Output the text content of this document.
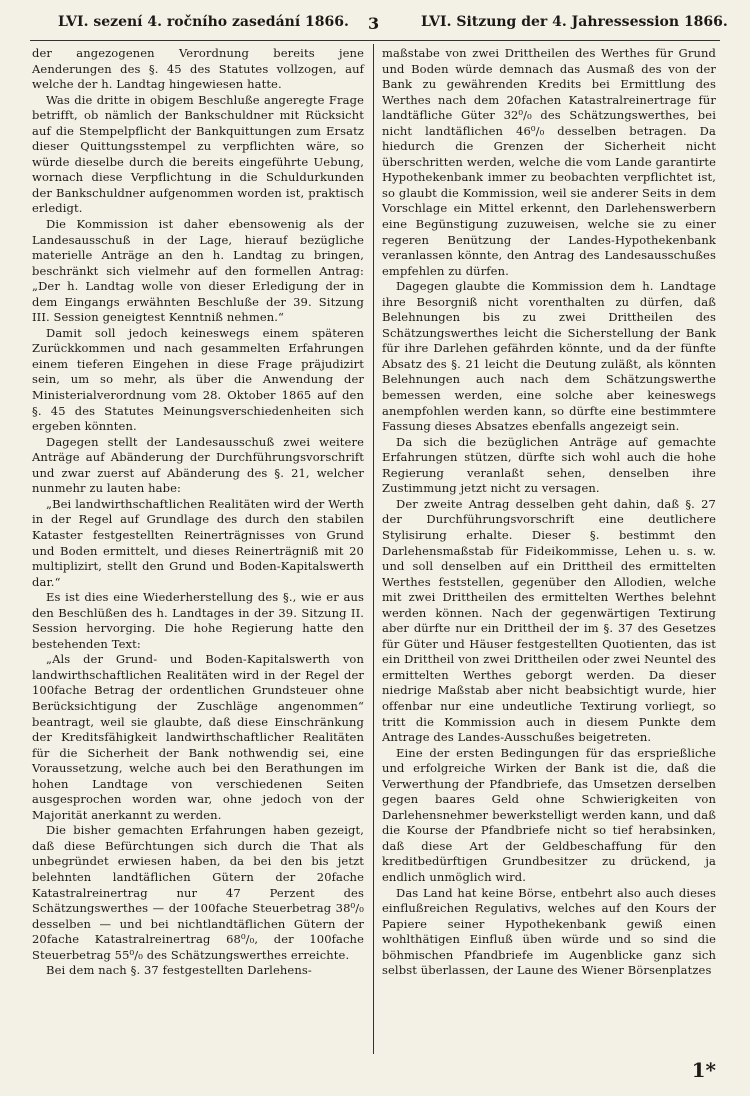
LVI. sezení 4. ročního zasedání 1866. 3	LVI. Sitzung der 4. Jahressession 1866.

der angezogenen Verordnung bereits jene Aenderungen des §. 45 des Statutes vollzogen, auf welche der h. Landtag hingewiesen hatte.

Was die dritte in obigem Beschluße angeregte Frage betrifft, ob nämlich der Bankschuldner mit Rücksicht auf die Stempelpflicht der Bankquittungen zum Ersatz dieser Quittungsstempel zu verpflichten wäre, so würde dieselbe durch die bereits eingeführte Uebung, wornach diese Verpflichtung in die Schuldurkunden der Bankschuldner aufgenommen worden ist, praktisch erledigt.

Die Kommission ist daher ebensowenig als der Landesausschuß in der Lage, hierauf bezügliche materielle Anträge an den h. Landtag zu bringen, beschränkt sich vielmehr auf den formellen Antrag: „Der h. Landtag wolle von dieser Erledigung der in dem Eingangs erwähnten Beschluße der 39. Sitzung III. Session geneigtest Kenntniß nehmen.“

Damit soll jedoch keineswegs einem späteren Zurückkommen und nach gesammelten Erfahrungen einem tieferen Eingehen in diese Frage präjudizirt sein, um so mehr, als über die Anwendung der Ministerialverordnung vom 28. Oktober 1865 auf den §. 45 des Statutes Meinungsverschiedenheiten sich ergeben könnten.

Dagegen stellt der Landesausschuß zwei weitere Anträge auf Abänderung der Durchführungsvorschrift und zwar zuerst auf Abänderung des §. 21, welcher nunmehr zu lauten habe:

„Bei landwirthschaftlichen Realitäten wird der Werth in der Regel auf Grundlage des durch den stabilen Kataster festgestellten Reinerträgnisses von Grund und Boden ermittelt, und dieses Reinerträgniß mit 20 multiplizirt, stellt den Grund und Boden-Kapitalswerth dar.“

Es ist dies eine Wiederherstellung des §., wie er aus den Beschlüßen des h. Landtages in der 39. Sitzung II. Session hervorging. Die hohe Regierung hatte den bestehenden Text:

„Als der Grund- und Boden-Kapitalswerth von landwirthschaftlichen Realitäten wird in der Regel der 100fache Betrag der ordentlichen Grundsteuer ohne Berücksichtigung der Zuschläge angenommen“ beantragt, weil sie glaubte, daß diese Einschränkung der Kreditsfähigkeit landwirthschaftlicher Realitäten für die Sicherheit der Bank nothwendig sei, eine Voraussetzung, welche auch bei den Berathungen im hohen Landtage von verschiedenen Seiten ausgesprochen worden war, ohne jedoch von der Majorität anerkannt zu werden.

Die bisher gemachten Erfahrungen haben gezeigt, daß diese Befürchtungen sich durch die That als unbegründet erwiesen haben, da bei den bis jetzt belehnten landtäflichen Gütern der 20fache Katastralreinertrag nur 47 Perzent des Schätzungswerthes — der 100fache Steuerbetrag 38⁰/₀ desselben — und bei nichtlandtäflichen Gütern der 20fache Katastralreinertrag 68⁰/₀, der 100fache Steuerbetrag 55⁰/₀ des Schätzungswerthes erreichte.

Bei dem nach §. 37 festgestellten Darlehens-

maßstabe von zwei Drittheilen des Werthes für Grund und Boden würde demnach das Ausmaß des von der Bank zu gewährenden Kredits bei Ermittlung des Werthes nach dem 20fachen Katastralreinertrage für landtäfliche Güter 32⁰/₀ des Schätzungswerthes, bei nicht landtäflichen 46⁰/₀ desselben betragen. Da hiedurch die Grenzen der Sicherheit nicht überschritten werden, welche die vom Lande garantirte Hypothekenbank immer zu beobachten verpflichtet ist, so glaubt die Kommission, weil sie anderer Seits in dem Vorschlage ein Mittel erkennt, den Darlehenswerbern eine Begünstigung zuzuweisen, welche sie zu einer regeren Benützung der Landes-Hypothekenbank veranlassen könnte, den Antrag des Landesausschußes empfehlen zu dürfen.

Dagegen glaubte die Kommission dem h. Landtage ihre Besorgniß nicht vorenthalten zu dürfen, daß Belehnungen bis zu zwei Drittheilen des Schätzungswerthes leicht die Sicherstellung der Bank für ihre Darlehen gefährden könnte, und da der fünfte Absatz des §. 21 leicht die Deutung zuläßt, als könnten Belehnungen auch nach dem Schätzungswerthe bemessen werden, eine solche aber keineswegs anempfohlen werden kann, so dürfte eine bestimmtere Fassung dieses Absatzes ebenfalls angezeigt sein.

Da sich die bezüglichen Anträge auf gemachte Erfahrungen stützen, dürfte sich wohl auch die hohe Regierung veranlaßt sehen, denselben ihre Zustimmung jetzt nicht zu versagen.

Der zweite Antrag desselben geht dahin, daß §. 27 der Durchführungsvorschrift eine deutlichere Stylisirung erhalte. Dieser §. bestimmt den Darlehensmaßstab für Fideikommisse, Lehen u. s. w. und soll denselben auf ein Drittheil des ermittelten Werthes feststellen, gegenüber den Allodien, welche mit zwei Drittheilen des ermittelten Werthes belehnt werden können. Nach der gegenwärtigen Textirung aber dürfte nur ein Drittheil der im §. 37 des Gesetzes für Güter und Häuser festgestellten Quotienten, das ist ein Drittheil von zwei Drittheilen oder zwei Neuntel des ermittelten Werthes geborgt werden. Da dieser niedrige Maßstab aber nicht beabsichtigt wurde, hier offenbar nur eine undeutliche Textirung vorliegt, so tritt die Kommission auch in diesem Punkte dem Antrage des Landes-Ausschußes beigetreten.

Eine der ersten Bedingungen für das ersprießliche und erfolgreiche Wirken der Bank ist die, daß die Verwerthung der Pfandbriefe, das Umsetzen derselben gegen baares Geld ohne Schwierigkeiten von Darlehensnehmer bewerkstelligt werden kann, und daß die Kourse der Pfandbriefe nicht so tief herabsinken, daß diese Art der Geldbeschaffung für den kreditbedürftigen Grundbesitzer zu drückend, ja endlich unmöglich wird.

Das Land hat keine Börse, entbehrt also auch dieses einflußreichen Regulativs, welches auf den Kours der Papiere seiner Hypothekenbank gewiß einen wohlthätigen Einfluß üben würde und so sind die böhmischen Pfandbriefe im Augenblicke ganz sich selbst überlassen, der Laune des Wiener Börsenplatzes

1*
